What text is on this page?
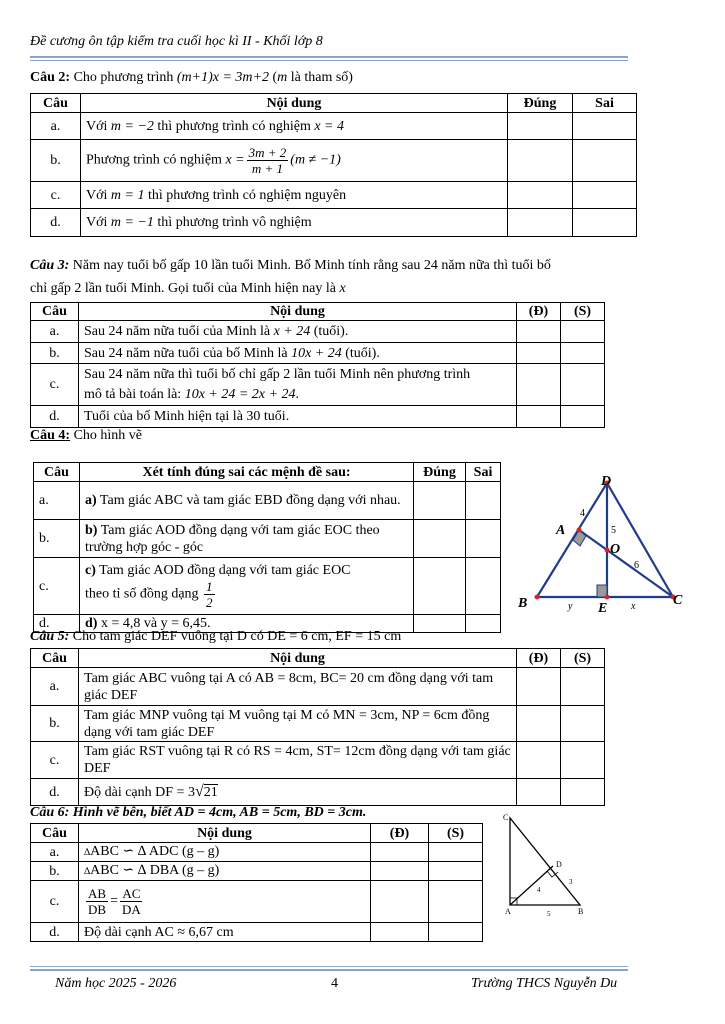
Đề cương ôn tập kiểm tra cuối học kì II - Khối lớp 8
Câu 2: Cho phương trình (m+1)x = 3m+2 (m là tham số)
Câu	Nội dung	Đúng	Sai
a.	Với m = −2 thì phương trình có nghiệm x = 4		
b.	Phương trình có nghiệm $x = \frac{3m + 2}{m + 1} (m \ne -1)$		
c.	Với m = 1 thì phương trình có nghiệm nguyên		
d.	Với m = −1 thì phương trình vô nghiệm		
Câu 3: Năm nay tuổi bố gấp 10 lần tuổi Minh. Bố Minh tính rằng sau 24 năm nữa thì tuổi bố
chỉ gấp 2 lần tuổi Minh. Gọi tuổi của Minh hiện nay là x
Câu	Nội dung	(Đ)	(S)
a.	Sau 24 năm nữa tuổi của Minh là x + 24 (tuổi).		
b.	Sau 24 năm nữa tuổi của bố Minh là 10x + 24 (tuổi).		
c.	Sau 24 năm nữa thì tuổi bố chỉ gấp 2 lần tuổi Minh nên phương trình
mô tả bài toán là: 10x + 24 = 2x + 24.		
d.	Tuổi của bố Minh hiện tại là 30 tuổi.		
Câu 4: Cho hình vẽ
Câu	Xét tính đúng sai các mệnh đề sau:	Đúng	Sai
a.	a) Tam giác ABC và tam giác EBD đồng dạng với nhau.		
b.	b) Tam giác AOD đồng dạng với tam giác EOC theo trường hợp góc - góc		
c.	c) Tam giác AOD đồng dạng với tam giác EOC
theo tỉ số đồng dạng $\frac{1}{2}$

d.	d) x = 4,8 và y = 6,45.		
D
A
O
B	E
C
4
5
6
y	x
Câu 5: Cho tam giác DEF vuông tại D có DE = 6 cm, EF = 15 cm
Câu	Nội dung	(Đ)	(S)
a.	Tam giác ABC vuông tại A có AB = 8cm, BC= 20 cm đồng dạng với tam giác DEF		
b.	Tam giác MNP vuông tại M vuông tại M có MN = 3cm, NP = 6cm đồng dạng với tam giác DEF		
c.	Tam giác RST vuông tại R có RS = 4cm, ST= 12cm đồng dạng với tam giác DEF		
d.	Độ dài cạnh DF = 3√21		
Câu 6: Hình vẽ bên, biết AD = 4cm, AB = 5cm, BD = 3cm.
Câu	Nội dung	(Đ)	(S)
a.	∆ABC ∽ ∆ ADC (g – g)		
b.	∆ABC ∽ ∆ DBA (g – g)		
c.	$\frac{AB}{DB} = \frac{AC}{DA}$

d.	Độ dài cạnh AC ≈ 6,67 cm		
C
D
A	B
4
3
5
Năm học 2025 - 2026	4	Trường THCS Nguyễn Du
